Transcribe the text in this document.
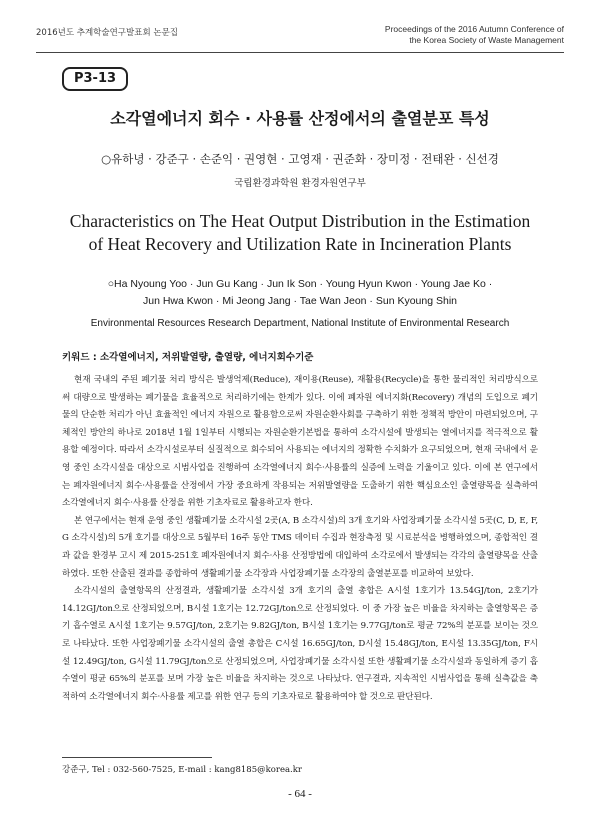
2016년도 추계학술연구발표회 논문집	Proceedings of the 2016 Autumn Conference of
the Korea Society of Waste Management
P3-13
소각열에너지 회수 · 사용률 산정에서의 출열분포 특성
○유하녕 · 강준구 · 손준익 · 권영현 · 고영재 · 권준화 · 장미정 · 전태완 · 신선경
국립환경과학원 환경자원연구부
Characteristics on The Heat Output Distribution in the Estimation
of Heat Recovery and Utilization Rate in Incineration Plants
○Ha Nyoung Yoo · Jun Gu Kang · Jun Ik Son · Young Hyun Kwon · Young Jae Ko ·
Jun Hwa Kwon · Mi Jeong Jang · Tae Wan Jeon · Sun Kyoung Shin
Environmental Resources Research Department, National Institute of Environmental Research
키워드 : 소각열에너지, 저위발열량, 출열량, 에너지회수기준

현재 국내의 주된 폐기물 처리 방식은 발생억제(Reduce), 재이용(Reuse), 재활용(Recycle)을 통한 물리적인 처리방식으로써 대량으로 발생하는 폐기물을 효율적으로 처리하기에는 한계가 있다. 이에 폐자원 에너지화(Recovery) 개념의 도입으로 폐기물의 단순한 처리가 아닌 효율적인 에너지 자원으로 활용함으로써 자원순환사회를 구축하기 위한 정책적 방안이 마련되었으며, 구체적인 방안의 하나로 2018년 1월 1일부터 시행되는 자원순환기본법을 통하여 소각시설에 발생되는 열에너지를 적극적으로 활용할 예정이다. 따라서 소각시설로부터 실질적으로 회수되어 사용되는 에너지의 정확한 수치화가 요구되었으며, 현재 국내에서 운영 중인 소각시설을 대상으로 시범사업을 진행하여 소각열에너지 회수·사용률의 실증에 노력을 기울이고 있다. 이에 본 연구에서는 폐자원에너지 회수·사용률을 산정에서 가장 중요하게 작용되는 저위발열량을 도출하기 위한 핵심요소인 출열량목을 실측하여 소각열에너지 회수·사용률 산정을 위한 기초자료로 활용하고자 한다.

본 연구에서는 현재 운영 중인 생활폐기물 소각시설 2곳(A, B 소각시설)의 3개 호기와 사업장폐기물 소각시설 5곳(C, D, E, F, G 소각시설)의 5개 호기를 대상으로 5월부터 16주 동안 TMS 데이터 수집과 현장측정 및 시료분석을 병행하였으며, 종합적인 결과 값을 환경부 고시 제 2015-251호 폐자원에너지 회수·사용 산정방법에 대입하여 소각로에서 발생되는 각각의 출열량목을 산출하였다. 또한 산출된 결과를 종합하여 생활폐기물 소각장과 사업장폐기물 소각장의 출열분포를 비교하여 보았다.

소각시설의 출열항목의 산정결과, 생활폐기물 소각시설 3개 호기의 출열 총합은 A시설 1호기가 13.54GJ/ton, 2호기가 14.12GJ/ton으로 산정되었으며, B시설 1호기는 12.72GJ/ton으로 산정되었다. 이 중 가장 높은 비율을 차지하는 출열항목은 증기 흡수열로 A시설 1호기는 9.57GJ/ton, 2호기는 9.82GJ/ton, B시설 1호기는 9.77GJ/ton로 평균 72%의 분포를 보이는 것으로 나타났다. 또한 사업장폐기물 소각시설의 출열 총합은 C시설 16.65GJ/ton, D시설 15.48GJ/ton, E시설 13.35GJ/ton, F시설 12.49GJ/ton, G시설 11.79GJ/ton으로 산정되었으며, 사업장폐기물 소각시설 또한 생활폐기물 소각시설과 동일하게 증기 흡수열이 평균 65%의 분포를 보며 가장 높은 비율을 차지하는 것으로 나타났다. 연구결과, 지속적인 시범사업을 통해 실측값을 축적하여 소각열에너지 회수·사용률 제고를 위한 연구 등의 기초자료로 활용하여야 할 것으로 판단된다.

강준구, Tel : 032-560-7525, E-mail : kang8185@korea.kr
- 64 -
